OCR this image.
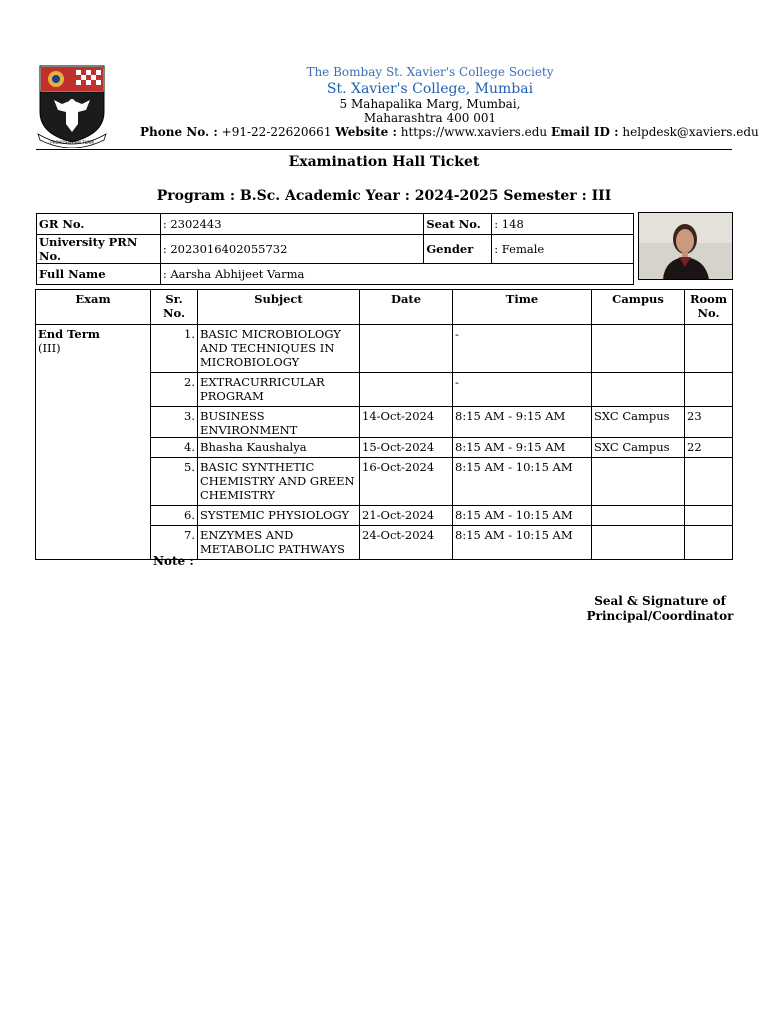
PROVIDENTIAM TUAM
The Bombay St. Xavier's College Society
St. Xavier's College, Mumbai
5 Mahapalika Marg, Mumbai,
Maharashtra 400 001
Phone No. : +91-22-22620661 Website : https://www.xaviers.edu Email ID : helpdesk@xaviers.edu
Examination Hall Ticket
Program : B.Sc. Academic Year : 2024-2025 Semester : III
GR No.	: 2302443	Seat No.	: 148
University PRN No.	: 2023016402055732	Gender	: Female
Full Name	: Aarsha Abhijeet Varma		
Exam	Sr. No.	Subject	Date	Time	Campus	Room No.
End Term
(III)	1.	BASIC MICROBIOLOGY AND TECHNIQUES IN MICROBIOLOGY		-		
	2.	EXTRACURRICULAR PROGRAM		-		
	3.	BUSINESS ENVIRONMENT	14-Oct-2024	8:15 AM - 9:15 AM	SXC Campus	23
	4.	Bhasha Kaushalya	15-Oct-2024	8:15 AM - 9:15 AM	SXC Campus	22
	5.	BASIC SYNTHETIC CHEMISTRY AND GREEN CHEMISTRY	16-Oct-2024	8:15 AM - 10:15 AM		
	6.	SYSTEMIC PHYSIOLOGY	21-Oct-2024	8:15 AM - 10:15 AM		
	7.	ENZYMES AND METABOLIC PATHWAYS	24-Oct-2024	8:15 AM - 10:15 AM		
Note :
Seal & Signature of
Principal/Coordinator
